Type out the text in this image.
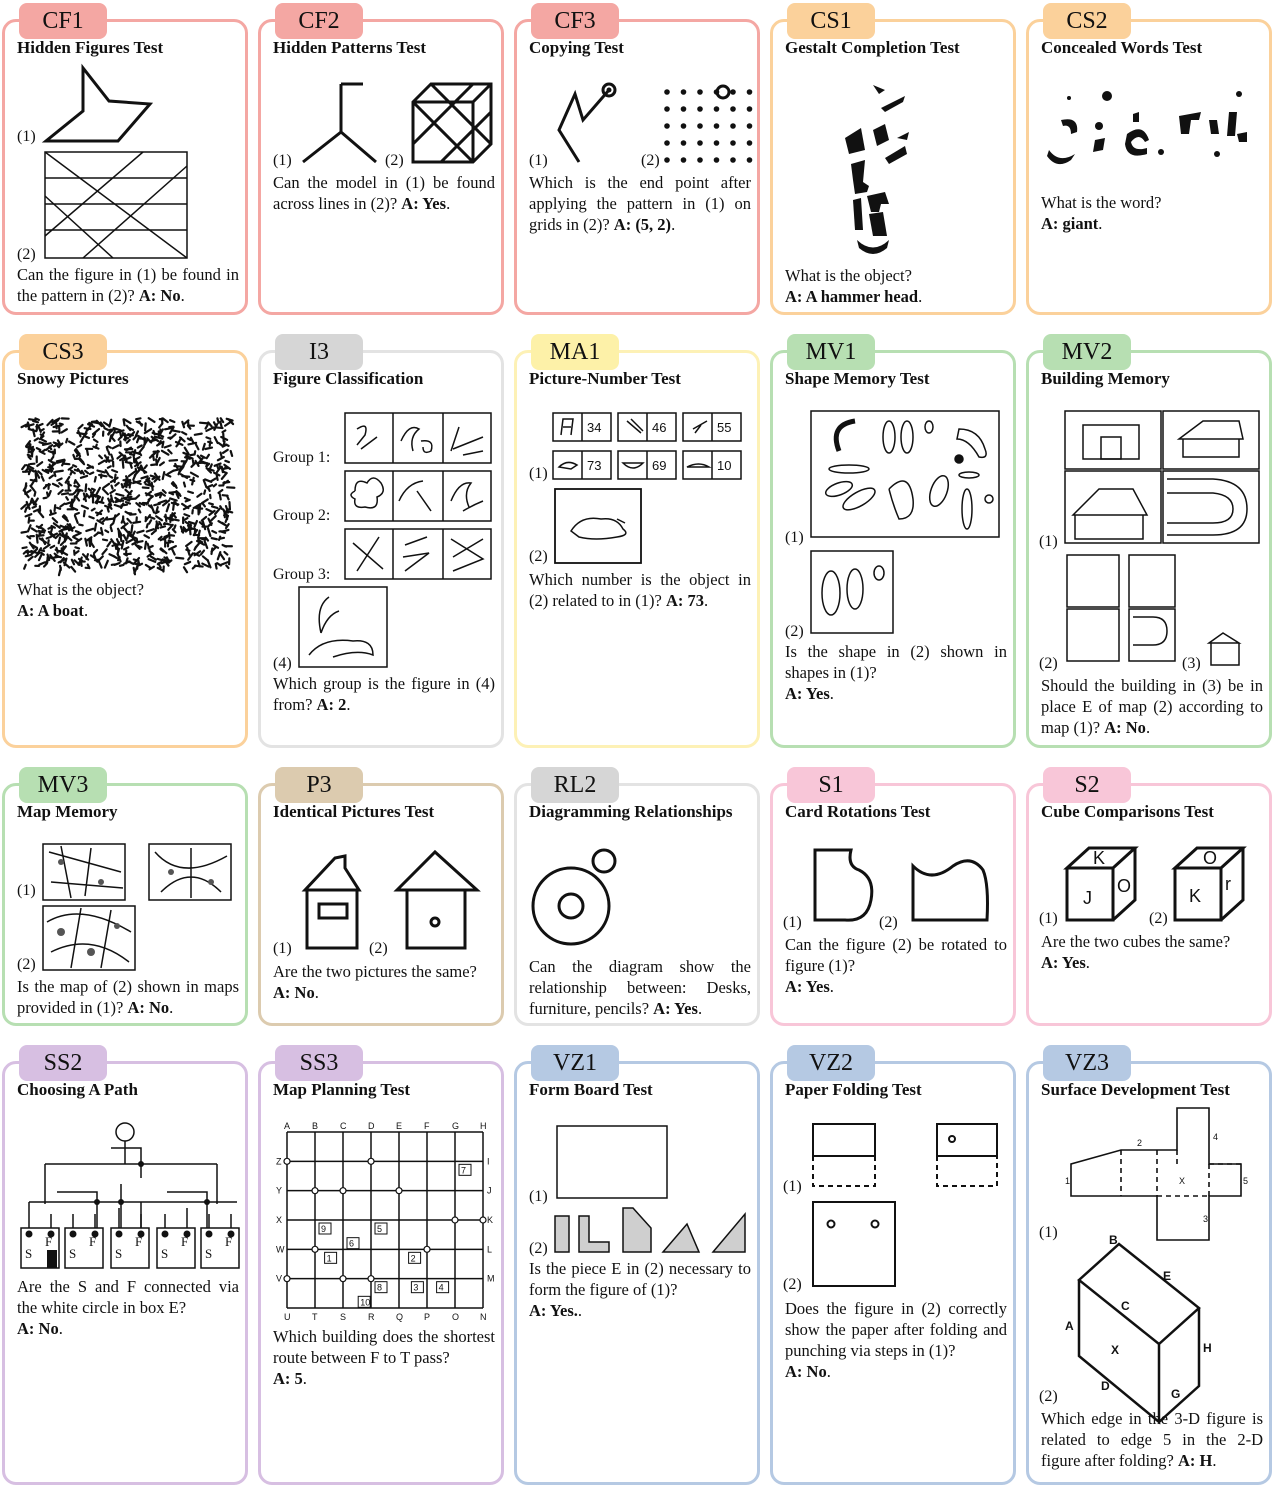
CF1
Hidden Figures Test
(1)
(2)
Can the figure in (1) be found in the pattern in (2)? A: No.
CF2
Hidden Patterns Test
(1)	(2)
Can the model in (1) be found across lines in (2)? A: Yes.
CF3
Copying Test
(1)	(2)
Which is the end point after applying the pattern in (1) on grids in (2)? A: (5, 2).
CS1
Gestalt Completion Test
What is the object?
A: A hammer head.
CS2
Concealed Words Test
What is the word?
A: giant.
CS3
Snowy Pictures
What is the object?
A: A boat.
I3
Figure Classification
Group 1:
Group 2:
Group 3:
(4)
Which group is the figure in (4) from? A: 2.
MA1
Picture-Number Test
(1)
(2)
34	46	55
73	69	10
Which number is the object in (2) related to in (1)? A: 73.
MV1
Shape Memory Test
(1)
(2)
Is the shape in (2) shown in shapes in (1)?
A: Yes.
MV2
Building Memory
(1)
(2)	(3)
Should the building in (3) be in place E of map (2) according to map (1)? A: No.
MV3
Map Memory
(1)
(2)
Is the map of (2) shown in maps provided in (1)? A: No.
P3
Identical Pictures Test
(1)	(2)
Are the two pictures the same?
A: No.
RL2
Diagramming Relationships
Can the diagram show the relationship between: Desks, furniture, pencils? A: Yes.
S1
Card Rotations Test
(1)	(2)
Can the figure (2) be rotated to figure (1)?
A: Yes.
S2
Cube Comparisons Test
(1)	(2)
K
J
O
O
K
r
Are the two cubes the same?
A: Yes.
SS2
Choosing A Path
S
F
S
F
S
F
S
F
S
F
Are the S and F connected via the white circle in box E?
A: No.
SS3
Map Planning Test
A B C D E F	G H
U T	S R Q P O N
Z
Y
X
W
V
I
J
K
L
M
7
9	5
6
1	2
8	3 4
10
Which building does the shortest route between F to T pass?
A: 5.
VZ1
Form Board Test
(1)
(2)
Is the piece E in (2) necessary to form the figure of (1)?
A: Yes..
VZ2
Paper Folding Test
(1)
(2)
Does the figure in (2) correctly show the paper after folding and punching via steps in (1)?
A: No.
VZ3
Surface Development Test
(1)
(2)
1
2
4
5
3
X
B
E
C
A
X	H
D
G
Which edge in the 3-D figure is related to edge 5 in the 2-D figure after folding? A: H.
